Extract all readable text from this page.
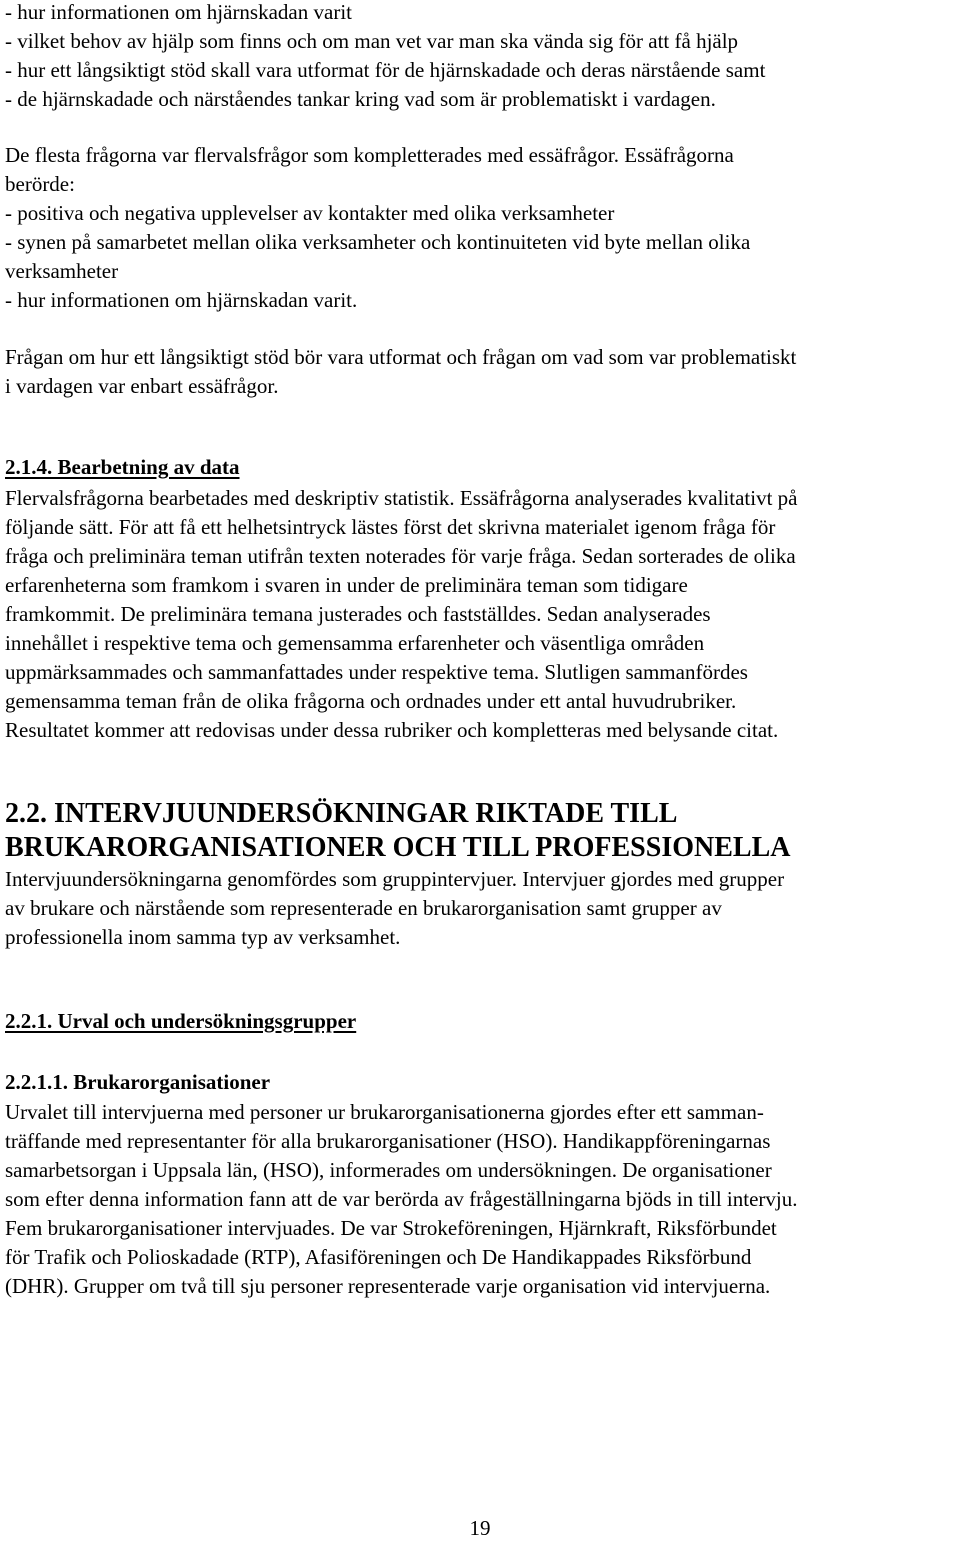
- hur informationen om hjärnskadan varit

- vilket behov av hjälp som finns och om man vet var man ska vända sig för att få hjälp

- hur ett långsiktigt stöd skall vara utformat för de hjärnskadade och deras närstående samt

- de hjärnskadade och närståendes tankar kring vad som är problematiskt i vardagen.

De flesta frågorna var flervalsfrågor som kompletterades med essäfrågor. Essäfrågorna

berörde:

- positiva och negativa upplevelser av kontakter med olika verksamheter

- synen på samarbetet mellan olika verksamheter och kontinuiteten vid byte mellan olika

verksamheter

- hur informationen om hjärnskadan varit.

Frågan om hur ett långsiktigt stöd bör vara utformat och frågan om vad som var problematiskt

i vardagen var enbart essäfrågor.

2.1.4. Bearbetning av data

Flervalsfrågorna bearbetades med deskriptiv statistik. Essäfrågorna analyserades kvalitativt på

följande sätt. För att få ett helhetsintryck lästes först det skrivna materialet igenom fråga för

fråga och preliminära teman utifrån texten noterades för varje fråga. Sedan sorterades de olika

erfarenheterna som framkom i svaren in under de preliminära teman som tidigare

framkommit. De preliminära temana justerades och fastställdes. Sedan analyserades

innehållet i respektive tema och gemensamma erfarenheter och väsentliga områden

uppmärksammades och sammanfattades under respektive tema. Slutligen sammanfördes

gemensamma teman från de olika frågorna och ordnades under ett antal huvudrubriker.

Resultatet kommer att redovisas under dessa rubriker och kompletteras med belysande citat.

2.2. INTERVJUUNDERSÖKNINGAR RIKTADE TILL
BRUKARORGANISATIONER OCH TILL PROFESSIONELLA

Intervjuundersökningarna genomfördes som gruppintervjuer. Intervjuer gjordes med grupper

av brukare och närstående som representerade en brukarorganisation samt grupper av

professionella inom samma typ av verksamhet.

2.2.1. Urval och undersökningsgrupper
2.2.1.1. Brukarorganisationer

Urvalet till intervjuerna med personer ur brukarorganisationerna gjordes efter ett samman-

träffande med representanter för alla brukarorganisationer (HSO). Handikappföreningarnas

samarbetsorgan i Uppsala län, (HSO), informerades om undersökningen. De organisationer

som efter denna information fann att de var berörda av frågeställningarna bjöds in till intervju.

Fem brukarorganisationer intervjuades. De var Strokeföreningen, Hjärnkraft, Riksförbundet

för Trafik och Polioskadade (RTP), Afasiföreningen och De Handikappades Riksförbund

(DHR). Grupper om två till sju personer representerade varje organisation vid intervjuerna.

19
